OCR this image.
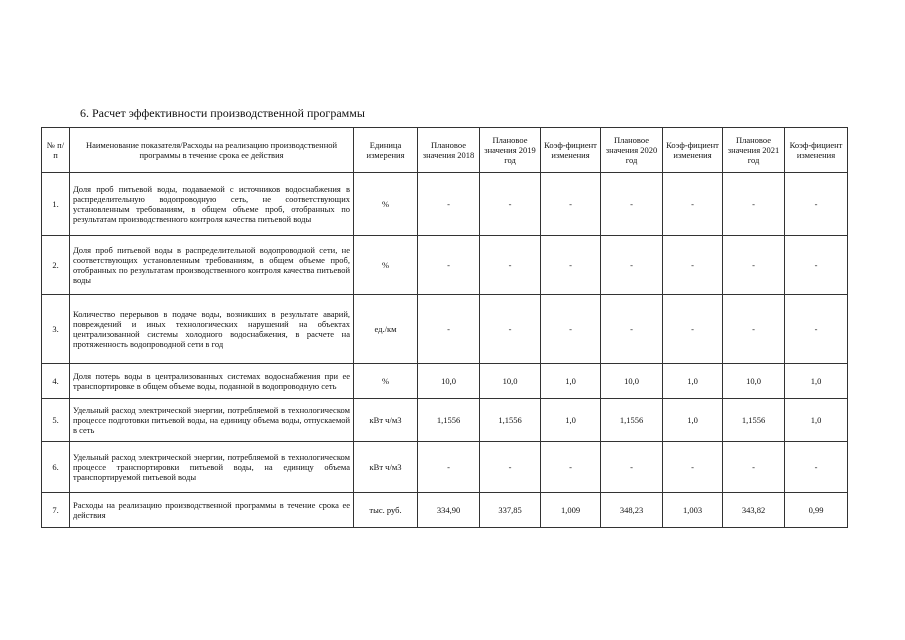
6. Расчет эффективности производственной программы
№ п/п	Наименование показателя/Расходы на реализацию производственной программы в течение срока ее действия	Единица измерения	Плановое значения 2018	Плановое значения 2019 год	Коэф-фициент изменения	Плановое значения 2020 год	Коэф-фициент изменения	Плановое значения 2021 год	Коэф-фициент изменения
1.	Доля проб питьевой воды, подаваемой с источников водоснабжения в распределительную водопроводную сеть, не соответствующих установленным требованиям, в общем объеме проб, отобранных по результатам производственного контроля качества питьевой воды	%	-	-	-	-	-	-	-
2.	Доля проб питьевой воды в распределительной водопроводной сети, не соответствующих установленным требованиям, в общем объеме проб, отобранных по результатам производственного контроля качества питьевой воды	%	-	-	-	-	-	-	-
3.	Количество перерывов в подаче воды, возникших в результате аварий, повреждений и иных технологических нарушений на объектах централизованной системы холодного водоснабжения, в расчете на протяженность водопроводной сети в год	ед./км	-	-	-	-	-	-	-
4.	Доля потерь воды в централизованных системах водоснабжения при ее транспортировке в общем объеме воды, поданной в водопроводную сеть	%	10,0	10,0	1,0	10,0	1,0	10,0	1,0
5.	Удельный расход электрической энергии, потребляемой в технологическом процессе подготовки питьевой воды, на единицу объема воды, отпускаемой в сеть	кВт ч/м3	1,1556	1,1556	1,0	1,1556	1,0	1,1556	1,0
6.	Удельный расход электрической энергии, потребляемой в технологическом процессе транспортировки питьевой воды, на единицу объема транспортируемой питьевой воды	кВт ч/м3	-	-	-	-	-	-	-
7.	Расходы на реализацию производственной программы в течение срока ее действия	тыс. руб.	334,90	337,85	1,009	348,23	1,003	343,82	0,99
